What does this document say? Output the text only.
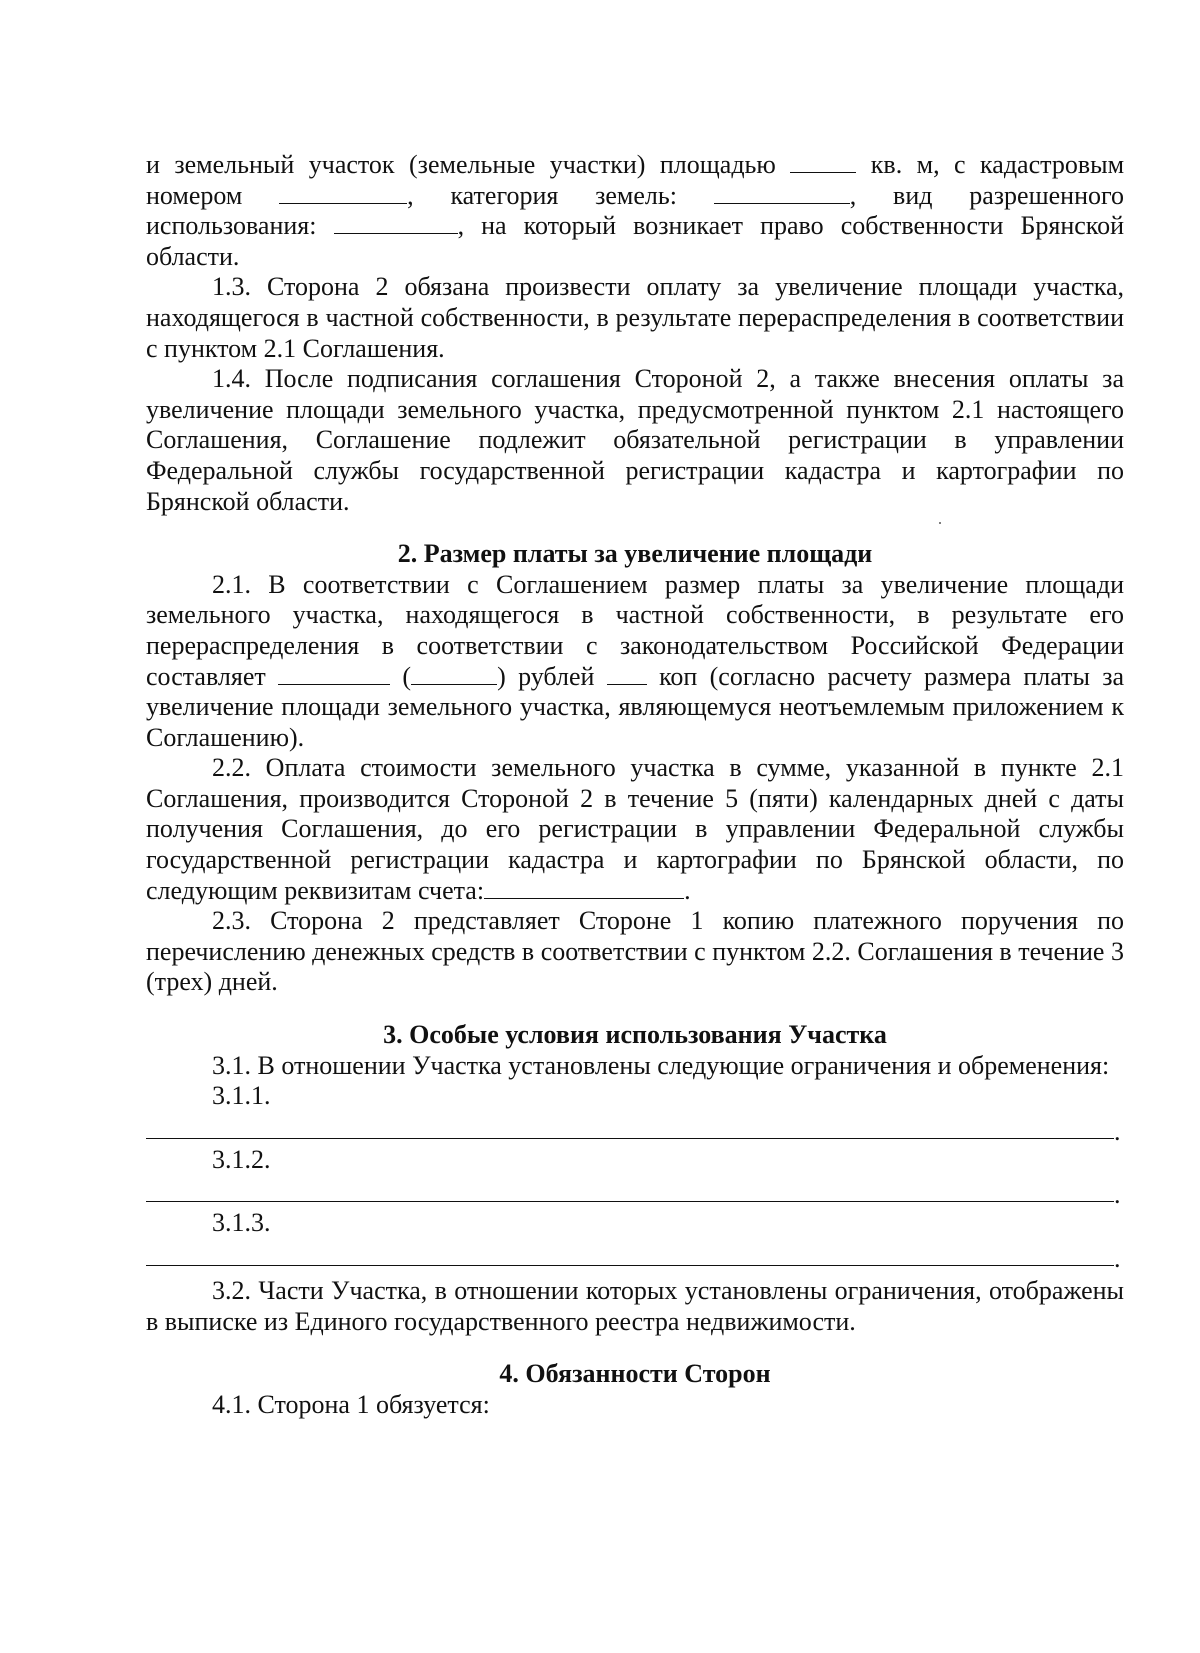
и земельный участок (земельные участки) площадью	кв. м, с кадастровым
номером	, категория земель:	, вид разрешенного
использования:	, на который возникает право собственности Брянской

области.

1.3. Сторона 2 обязана произвести оплату за увеличение площади участка, находящегося в частной собственности, в результате перераспределения в соответствии с пунктом 2.1 Соглашения.

1.4. После подписания соглашения Стороной 2, а также внесения оплаты за увеличение площади земельного участка, предусмотренной пунктом 2.1 настоящего Соглашения, Соглашение подлежит обязательной регистрации в управлении Федеральной службы государственной регистрации кадастра и картографии по Брянской области.

2. Размер платы за увеличение площади

2.1. В соответствии с Соглашением размер платы за увеличение площади земельного участка, находящегося в частной собственности, в результате его перераспределения в соответствии с законодательством Российской Федерации составляет	(	) рублей коп (согласно расчету размера платы за увеличение площади земельного участка, являющемуся неотъемлемым приложением к Соглашению).

2.2. Оплата стоимости земельного участка в сумме, указанной в пункте 2.1 Соглашения, производится Стороной 2 в течение 5 (пяти) календарных дней с даты получения Соглашения, до его регистрации в управлении Федеральной службы государственной регистрации кадастра и картографии по Брянской области, по следующим реквизитам счета:	.

2.3. Сторона 2 представляет Стороне 1 копию платежного поручения по перечислению денежных средств в соответствии с пунктом 2.2. Соглашения в течение 3 (трех) дней.

3. Особые условия использования Участка

3.1. В отношении Участка установлены следующие ограничения и обременения:

3.1.1.

.

3.1.2.

.

3.1.3.

.

3.2. Части Участка, в отношении которых установлены ограничения, отображены в выписке из Единого государственного реестра недвижимости.

4. Обязанности Сторон

4.1. Сторона 1 обязуется:
